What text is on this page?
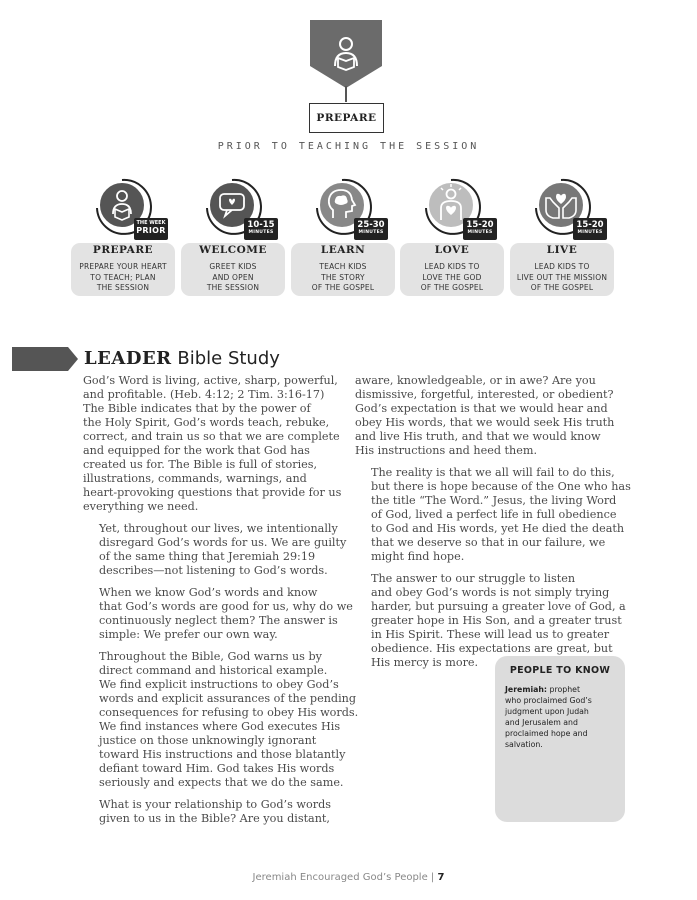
PREPARE
PRIOR TO TEACHING THE SESSION
THE WEEK
PRIOR
PREPARE
PREPARE YOUR HEART
TO TEACH; PLAN
THE SESSION
10-15
MINUTES
WELCOME
GREET KIDS
AND OPEN
THE SESSION
25-30
MINUTES
LEARN
TEACH KIDS
THE STORY
OF THE GOSPEL
15-20
MINUTES
LOVE
LEAD KIDS TO
LOVE THE GOD
OF THE GOSPEL
15-20
MINUTES
LIVE
LEAD KIDS TO
LIVE OUT THE MISSION
OF THE GOSPEL
LEADER Bible Study

God’s Word is living, active, sharp, powerful,
and profitable. (Heb. 4:12; 2 Tim. 3:16-17)
The Bible indicates that by the power of
the Holy Spirit, God’s words teach, rebuke,
correct, and train us so that we are complete
and equipped for the work that God has
created us for. The Bible is full of stories,
illustrations, commands, warnings, and
heart-provoking questions that provide for us
everything we need.

Yet, throughout our lives, we intentionally
disregard God’s words for us. We are guilty
of the same thing that Jeremiah 29:19
describes—not listening to God’s words.

When we know God’s words and know
that God’s words are good for us, why do we
continuously neglect them? The answer is
simple: We prefer our own way.

Throughout the Bible, God warns us by
direct command and historical example.
We find explicit instructions to obey God’s
words and explicit assurances of the pending
consequences for refusing to obey His words.
We find instances where God executes His
justice on those unknowingly ignorant
toward His instructions and those blatantly
defiant toward Him. God takes His words
seriously and expects that we do the same.

What is your relationship to God’s words
given to us in the Bible? Are you distant,

aware, knowledgeable, or in awe? Are you
dismissive, forgetful, interested, or obedient?
God’s expectation is that we would hear and
obey His words, that we would seek His truth
and live His truth, and that we would know
His instructions and heed them.

The reality is that we all will fail to do this,
but there is hope because of the One who has
the title “The Word.” Jesus, the living Word
of God, lived a perfect life in full obedience
to God and His words, yet He died the death
that we deserve so that in our failure, we
might find hope.

The answer to our struggle to listen
and obey God’s words is not simply trying
harder, but pursuing a greater love of God, a
greater hope in His Son, and a greater trust
in His Spirit. These will lead us to greater
obedience. His expectations are great, but
His mercy is more.

PEOPLE TO KNOW
Jeremiah: prophet
who proclaimed God’s
judgment upon Judah
and Jerusalem and
proclaimed hope and
salvation.
Jeremiah Encouraged God’s People | 7
